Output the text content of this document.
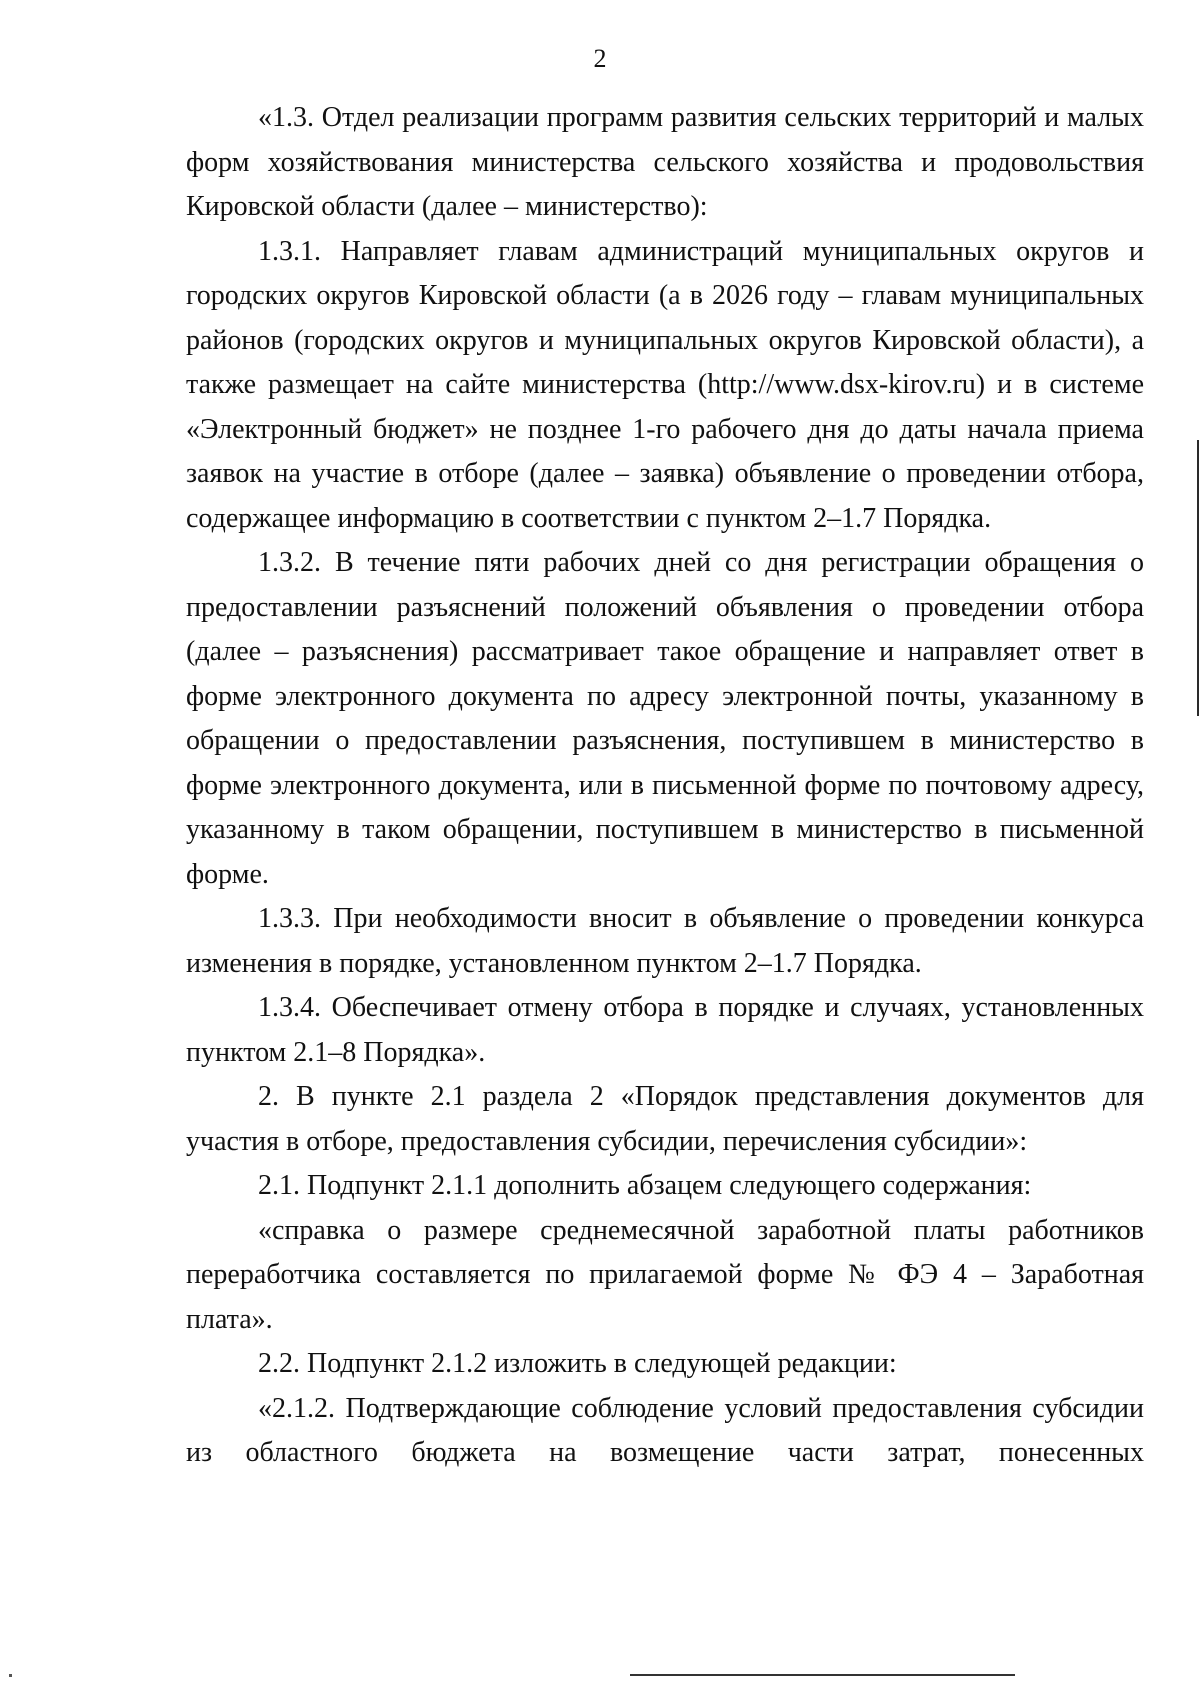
2

«1.3. Отдел реализации программ развития сельских территорий и малых форм хозяйствования министерства сельского хозяйства и продовольствия Кировской области (далее – министерство):

1.3.1. Направляет главам администраций муниципальных округов и городских округов Кировской области (а в 2026 году – главам муниципальных районов (городских округов и муниципальных округов Кировской области), а также размещает на сайте министерства (http://www.dsx-kirov.ru) и в системе «Электронный бюджет» не позднее 1-го рабочего дня до даты начала приема заявок на участие в отборе (далее – заявка) объявление о проведении отбора, содержащее информацию в соответствии с пунктом 2–1.7 Порядка.

1.3.2. В течение пяти рабочих дней со дня регистрации обращения о предоставлении разъяснений положений объявления о проведении отбора (далее – разъяснения) рассматривает такое обращение и направляет ответ в форме электронного документа по адресу электронной почты, указанному в обращении о предоставлении разъяснения, поступившем в министерство в форме электронного документа, или в письменной форме по почтовому адресу, указанному в таком обращении, поступившем в министерство в письменной форме.

1.3.3. При необходимости вносит в объявление о проведении конкурса изменения в порядке, установленном пунктом 2–1.7 Порядка.

1.3.4. Обеспечивает отмену отбора в порядке и случаях, установленных пунктом 2.1–8 Порядка».

2. В пункте 2.1 раздела 2 «Порядок представления документов для участия в отборе, предоставления субсидии, перечисления субсидии»:

2.1. Подпункт 2.1.1 дополнить абзацем следующего содержания:

«справка о размере среднемесячной заработной платы работников переработчика составляется по прилагаемой форме № ФЭ 4 – Заработная плата».

2.2. Подпункт 2.1.2 изложить в следующей редакции:

«2.1.2. Подтверждающие соблюдение условий предоставления субсидии из областного бюджета на возмещение части затрат, понесенных
